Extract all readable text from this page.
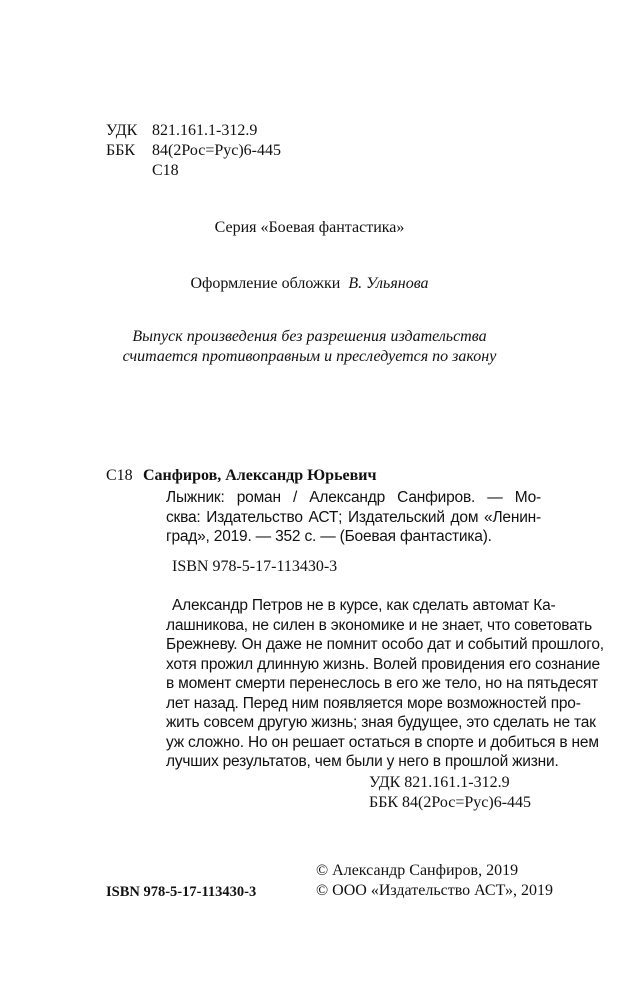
УДК 821.161.1-312.9
ББК 84(2Рос=Рус)6-445
С18
Серия «Боевая фантастика»
Оформление обложки В. Ульянова
Выпуск произведения без разрешения издательства
считается противоправным и преследуется по закону
С18 Санфиров, Александр Юрьевич
Лыжник: роман / Александр Санфиров. — Мо-
сква: Издательство АСТ; Издательский дом «Ленин-
град», 2019. — 352 с. — (Боевая фантастика).
ISBN 978-5-17-113430-3
Александр Петров не в курсе, как сделать автомат Ка-
лашникова, не силен в экономике и не знает, что советовать
Брежневу. Он даже не помнит особо дат и событий прошлого,
хотя прожил длинную жизнь. Волей провидения его сознание
в момент смерти перенеслось в его же тело, но на пятьдесят
лет назад. Перед ним появляется море возможностей про-
жить совсем другую жизнь; зная будущее, это сделать не так
уж сложно. Но он решает остаться в спорте и добиться в нем
лучших результатов, чем были у него в прошлой жизни.
УДК 821.161.1-312.9
ББК 84(2Рос=Рус)6-445
ISBN 978-5-17-113430-3
© Александр Санфиров, 2019
© ООО «Издательство АСТ», 2019
